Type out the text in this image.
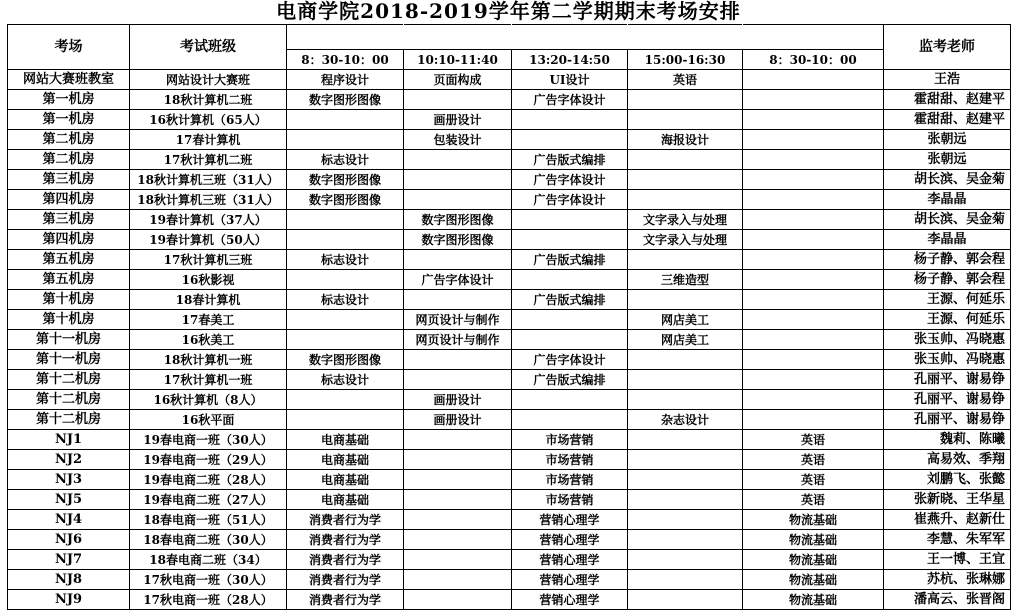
电商学院2018-2019学年第二学期期末考场安排
考场	考试班级						监考老师
		8：30-10：00	10:10-11:40	13:20-14:50	15:00-16:30	8：30-10：00	
网站大赛班教室	网站设计大赛班	程序设计	页面构成	UI设计	英语		王浩
第一机房	18秋计算机二班	数字图形图像		广告字体设计			霍甜甜、赵建平
第一机房	16秋计算机（65人）		画册设计				霍甜甜、赵建平
第二机房	17春计算机		包装设计		海报设计		张朝远
第二机房	17秋计算机二班	标志设计		广告版式编排			张朝远
第三机房	18秋计算机三班（31人）	数字图形图像		广告字体设计			胡长滨、吴金菊
第四机房	18秋计算机三班（31人）	数字图形图像		广告字体设计			李晶晶
第三机房	19春计算机（37人）		数字图形图像		文字录入与处理		胡长滨、吴金菊
第四机房	19春计算机（50人）		数字图形图像		文字录入与处理		李晶晶
第五机房	17秋计算机三班	标志设计		广告版式编排			杨子静、郭会程
第五机房	16秋影视		广告字体设计		三维造型		杨子静、郭会程
第十机房	18春计算机	标志设计		广告版式编排			王源、何延乐
第十机房	17春美工		网页设计与制作		网店美工		王源、何延乐
第十一机房	16秋美工		网页设计与制作		网店美工		张玉帅、冯晓惠
第十一机房	18秋计算机一班	数字图形图像		广告字体设计			张玉帅、冯晓惠
第十二机房	17秋计算机一班	标志设计		广告版式编排			孔丽平、谢易铮
第十二机房	16秋计算机（8人）		画册设计				孔丽平、谢易铮
第十二机房	16秋平面		画册设计		杂志设计		孔丽平、谢易铮
NJ1	19春电商一班（30人）	电商基础		市场营销		英语	魏莉、陈曦
NJ2	19春电商一班（29人）	电商基础		市场营销		英语	高易效、季翔
NJ3	19春电商二班（28人）	电商基础		市场营销		英语	刘鹏飞、张懿
NJ5	19春电商二班（27人）	电商基础		市场营销		英语	张新晓、王华星
NJ4	18春电商一班（51人）	消费者行为学		营销心理学		物流基础	崔燕升、赵新仕
NJ6	18春电商二班（30人）	消费者行为学		营销心理学		物流基础	李慧、朱军军
NJ7	18春电商二班（34）	消费者行为学		营销心理学		物流基础	王一博、王宜
NJ8	17秋电商一班（30人）	消费者行为学		营销心理学		物流基础	苏杭、张琳娜
NJ9	17秋电商一班（28人）	消费者行为学		营销心理学		物流基础	潘高云、张晋阁
